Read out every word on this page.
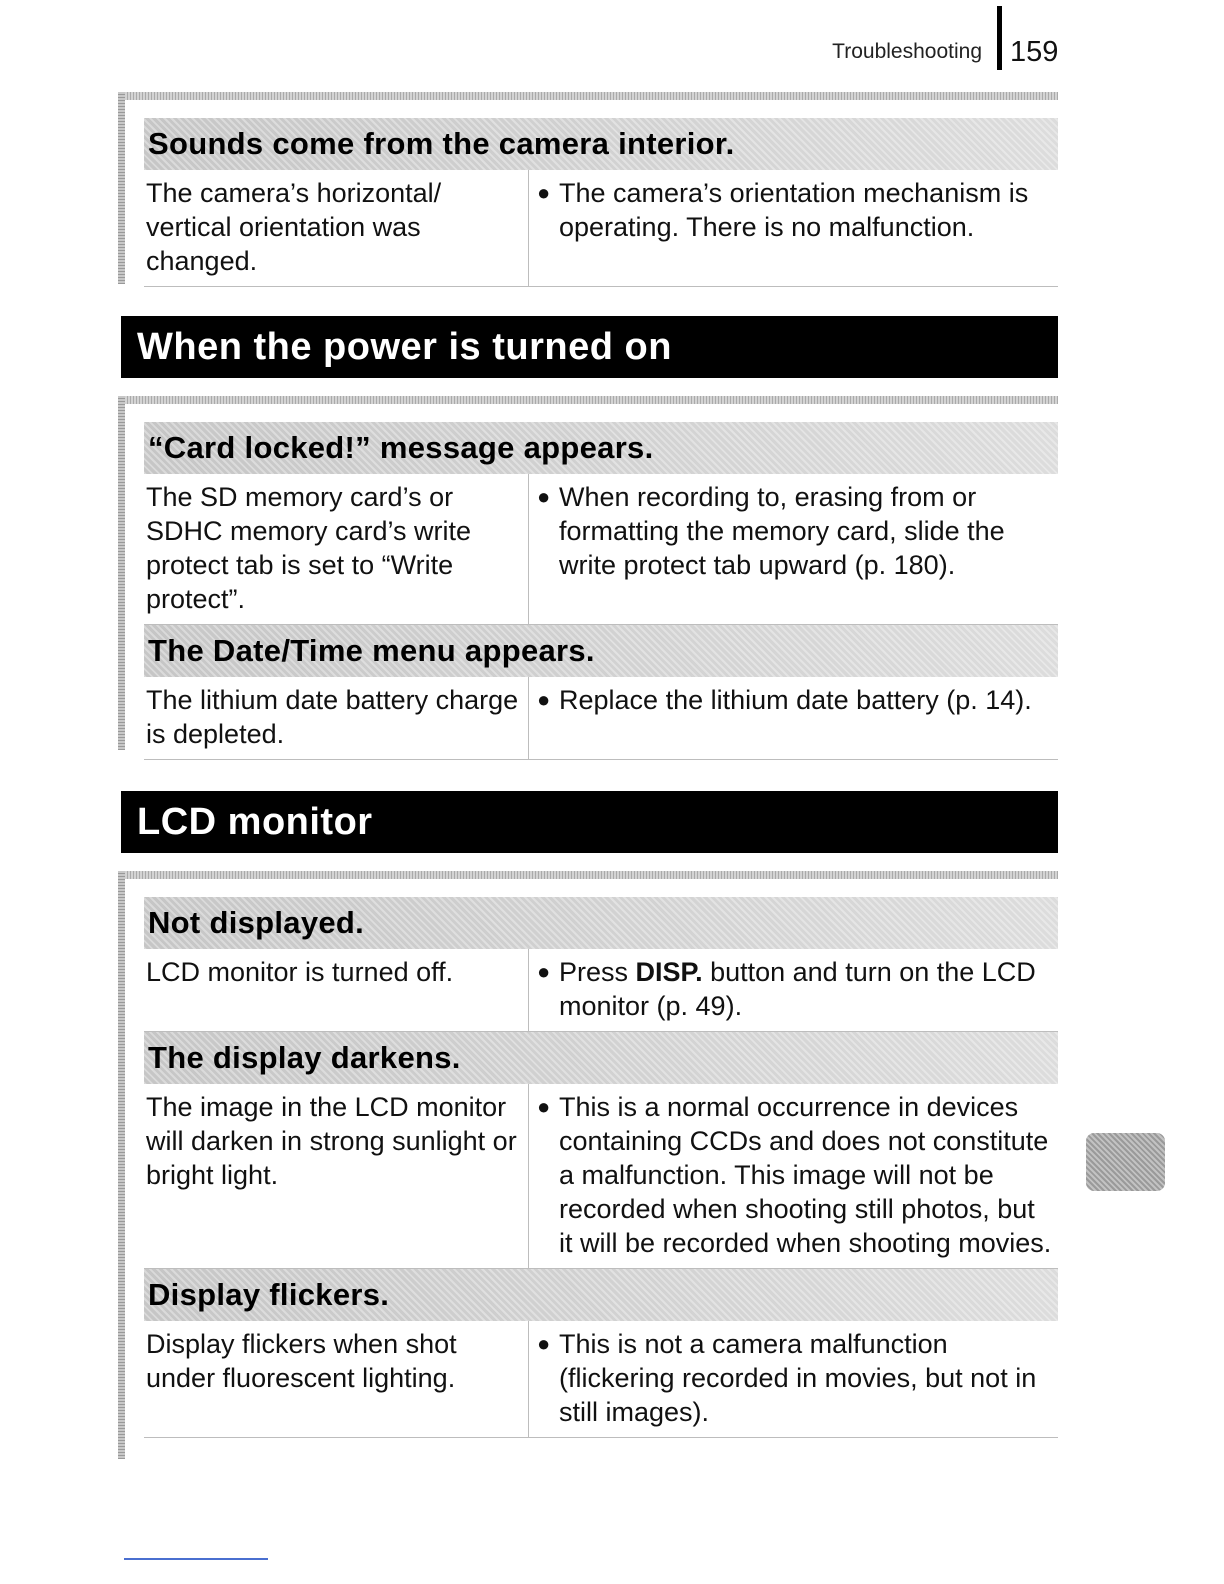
Troubleshooting 159
Sounds come from the camera interior.
The camera’s horizontal/ vertical orientation was changed.
● The camera’s orientation mechanism is operating. There is no malfunction.
When the power is turned on
“Card locked!” message appears.
The SD memory card’s or SDHC memory card’s write protect tab is set to “Write protect”.
● When recording to, erasing from or formatting the memory card, slide the write protect tab upward (p. 180).
The Date/Time menu appears.
The lithium date battery charge is depleted.
● Replace the lithium date battery (p. 14).
LCD monitor
Not displayed.
LCD monitor is turned off.	● Press DISP. button and turn on the LCD monitor (p. 49).
The display darkens.
The image in the LCD monitor will darken in strong sunlight or bright light.
● This is a normal occurrence in devices containing CCDs and does not constitute a malfunction. This image will not be recorded when shooting still photos, but it will be recorded when shooting movies.
Display flickers.
Display flickers when shot under fluorescent lighting.
● This is not a camera malfunction (flickering recorded in movies, but not in still images).
